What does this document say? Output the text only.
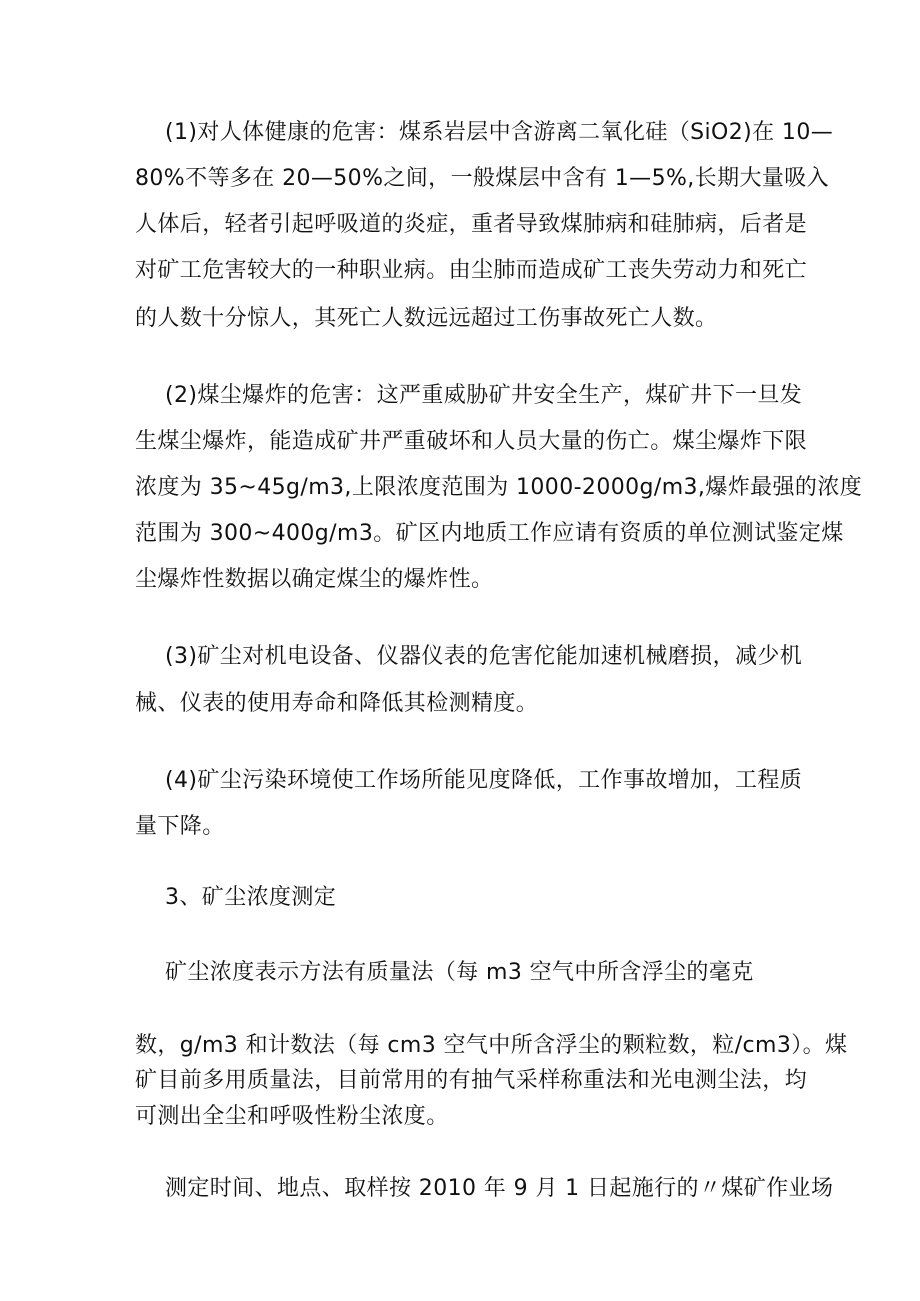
(1)对人体健康的危害：煤系岩层中含游离二氧化硅（SiO2)在 10—
80%不等多在 20—50%之间，一般煤层中含有 1—5%,长期大量吸入
人体后，轻者引起呼吸道的炎症，重者导致煤肺病和硅肺病，后者是
对矿工危害较大的一种职业病。由尘肺而造成矿工丧失劳动力和死亡
的人数十分惊人，其死亡人数远远超过工伤事故死亡人数。
(2)煤尘爆炸的危害：这严重威胁矿井安全生产，煤矿井下一旦发
生煤尘爆炸，能造成矿井严重破坏和人员大量的伤亡。煤尘爆炸下限
浓度为 35~45g/m3,上限浓度范围为 1000-2000g/m3,爆炸最强的浓度
范围为 300~400g/m3。矿区内地质工作应请有资质的单位测试鉴定煤
尘爆炸性数据以确定煤尘的爆炸性。
(3)矿尘对机电设备、仪器仪表的危害佗能加速机械磨损，减少机
械、仪表的使用寿命和降低其检测精度。
(4)矿尘污染环境使工作场所能见度降低，工作事故增加，工程质
量下降。
3、矿尘浓度测定
矿尘浓度表示方法有质量法（每 m3 空气中所含浮尘的毫克
数，g/m3 和计数法（每 cm3 空气中所含浮尘的颗粒数，粒/cm3）。煤
矿目前多用质量法，目前常用的有抽气采样称重法和光电测尘法，均
可测出全尘和呼吸性粉尘浓度。
测定时间、地点、取样按 2010 年 9 月 1 日起施行的〃煤矿作业场
